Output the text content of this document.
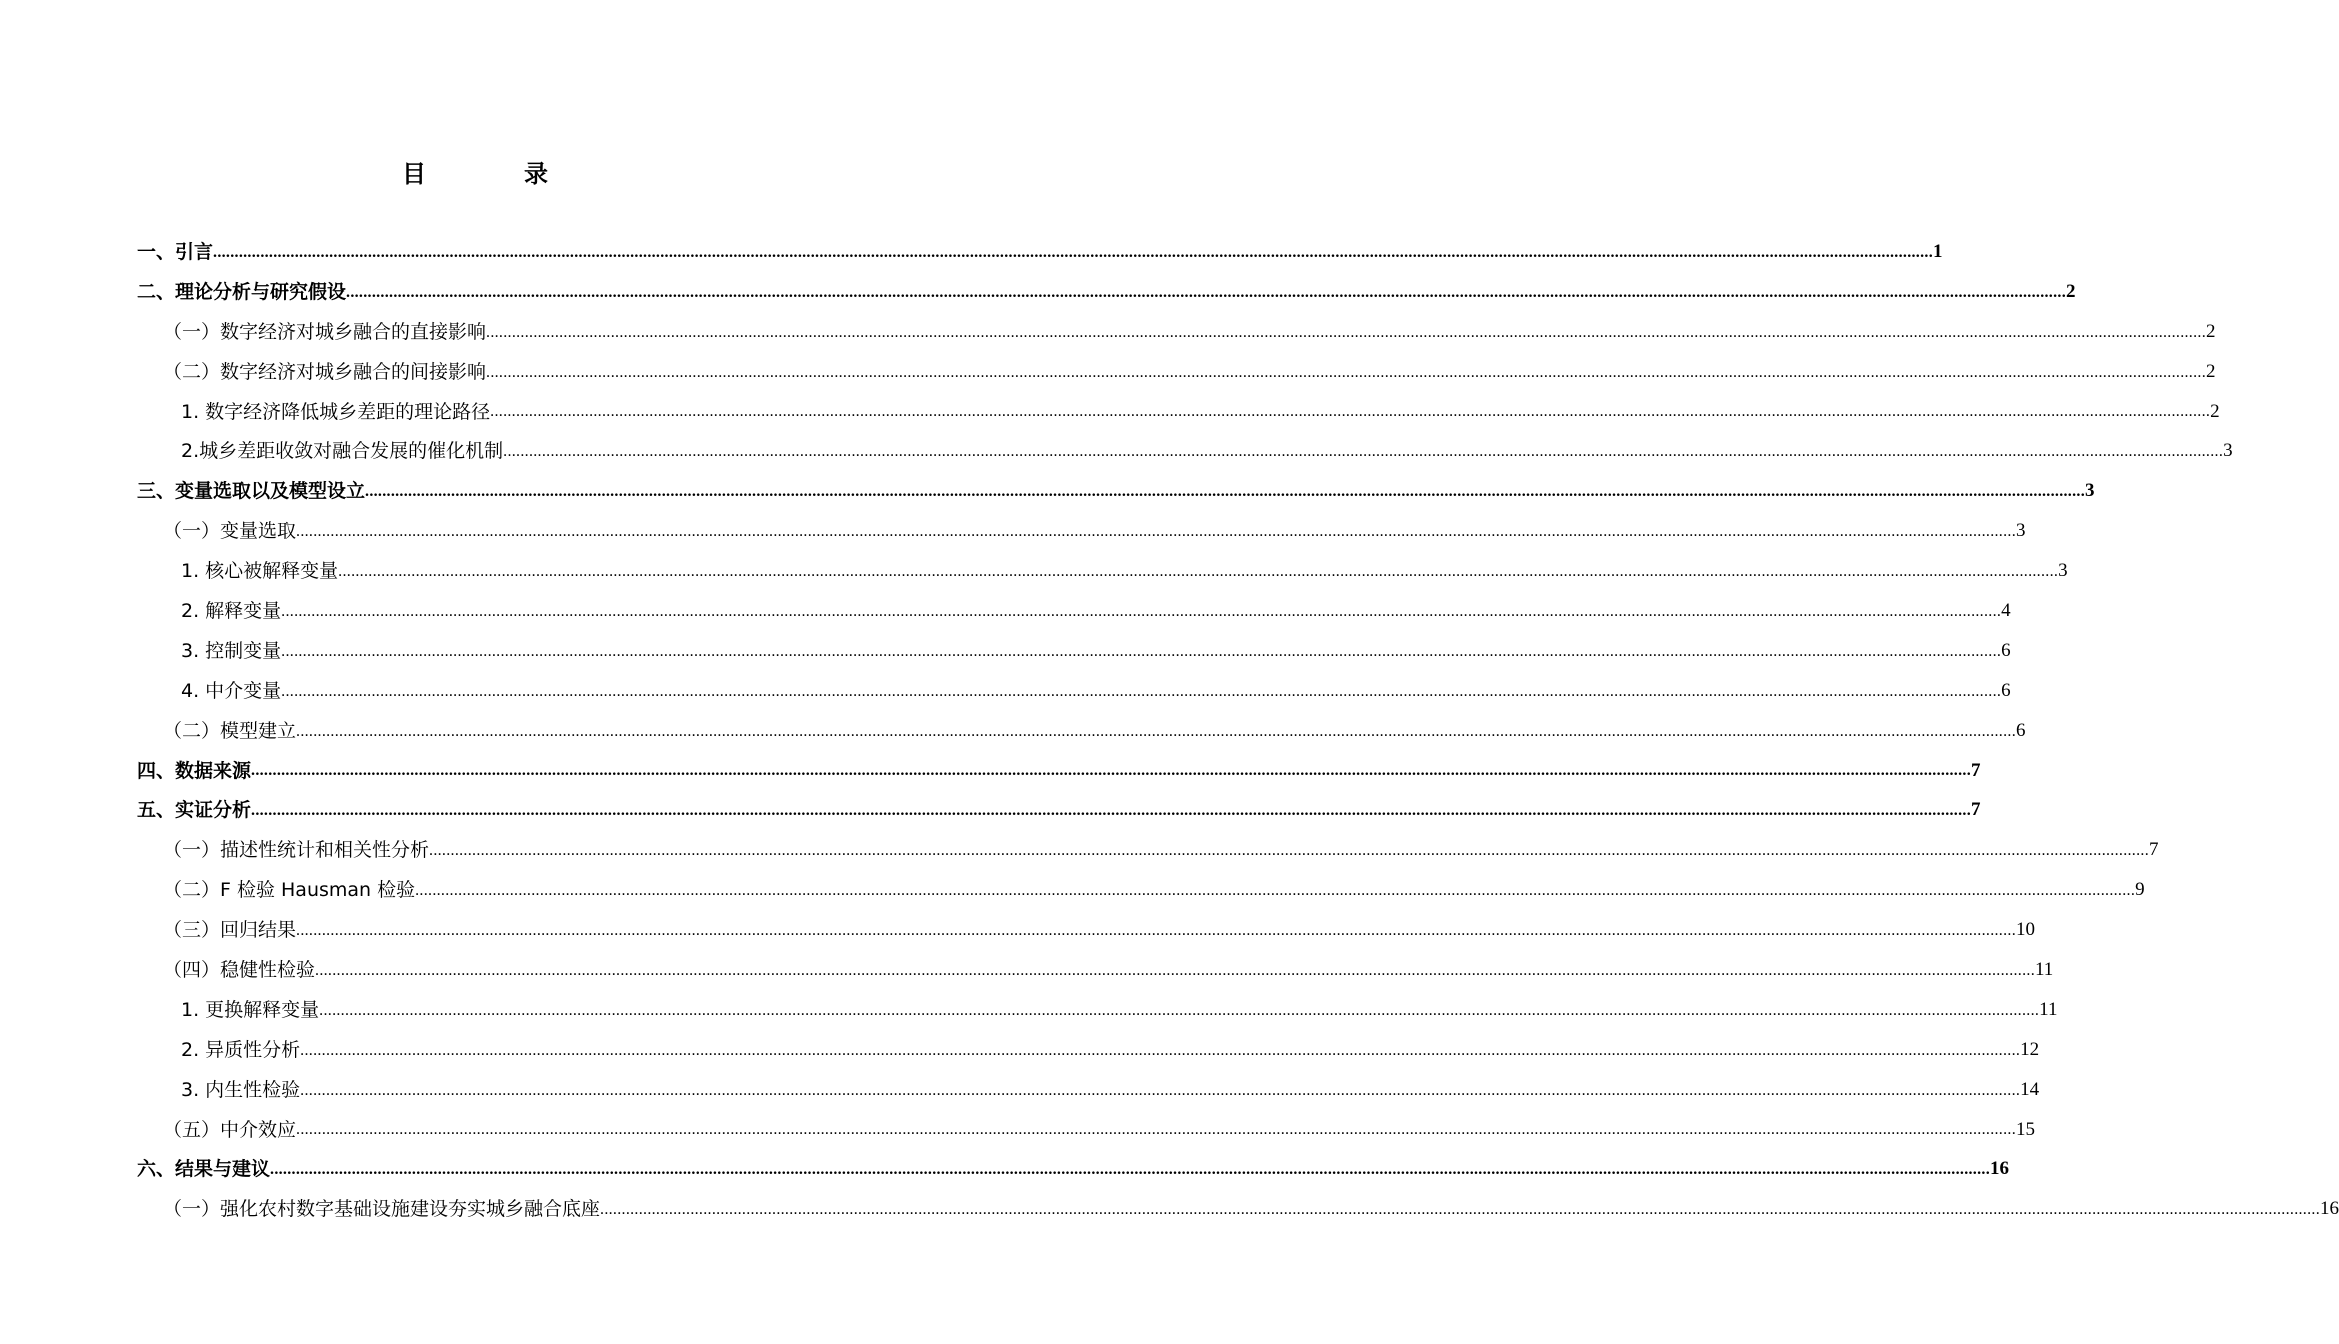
目	录
一、引言 ................................................................................................................................................................................................................................................................................................................................................................................................................ 1
二、理论分析与研究假设 ................................................................................................................................................................................................................................................................................................................................................................................................................ 2
（一）数字经济对城乡融合的直接影响 ................................................................................................................................................................................................................................................................................................................................................................................................................ 2
（二）数字经济对城乡融合的间接影响 ................................................................................................................................................................................................................................................................................................................................................................................................................ 2
1. 数字经济降低城乡差距的理论路径 ................................................................................................................................................................................................................................................................................................................................................................................................................ 2
2.城乡差距收敛对融合发展的催化机制 ................................................................................................................................................................................................................................................................................................................................................................................................................ 3
三、变量选取以及模型设立 ................................................................................................................................................................................................................................................................................................................................................................................................................ 3
（一）变量选取 ................................................................................................................................................................................................................................................................................................................................................................................................................ 3
1. 核心被解释变量 ................................................................................................................................................................................................................................................................................................................................................................................................................ 3
2. 解释变量 ................................................................................................................................................................................................................................................................................................................................................................................................................ 4
3. 控制变量 ................................................................................................................................................................................................................................................................................................................................................................................................................ 6
4. 中介变量 ................................................................................................................................................................................................................................................................................................................................................................................................................ 6
（二）模型建立 ................................................................................................................................................................................................................................................................................................................................................................................................................ 6
四、数据来源 ................................................................................................................................................................................................................................................................................................................................................................................................................ 7
五、实证分析 ................................................................................................................................................................................................................................................................................................................................................................................................................ 7
（一）描述性统计和相关性分析 ................................................................................................................................................................................................................................................................................................................................................................................................................ 7
（二）F 检验 Hausman 检验 ................................................................................................................................................................................................................................................................................................................................................................................................................ 9
（三）回归结果 ................................................................................................................................................................................................................................................................................................................................................................................................................ 10
（四）稳健性检验 ................................................................................................................................................................................................................................................................................................................................................................................................................ 11
1. 更换解释变量 ................................................................................................................................................................................................................................................................................................................................................................................................................ 11
2. 异质性分析 ................................................................................................................................................................................................................................................................................................................................................................................................................ 12
3. 内生性检验 ................................................................................................................................................................................................................................................................................................................................................................................................................ 14
（五）中介效应 ................................................................................................................................................................................................................................................................................................................................................................................................................ 15
六、结果与建议 ................................................................................................................................................................................................................................................................................................................................................................................................................ 16
（一）强化农村数字基础设施建设夯实城乡融合底座 ................................................................................................................................................................................................................................................................................................................................................................................................................ 16
